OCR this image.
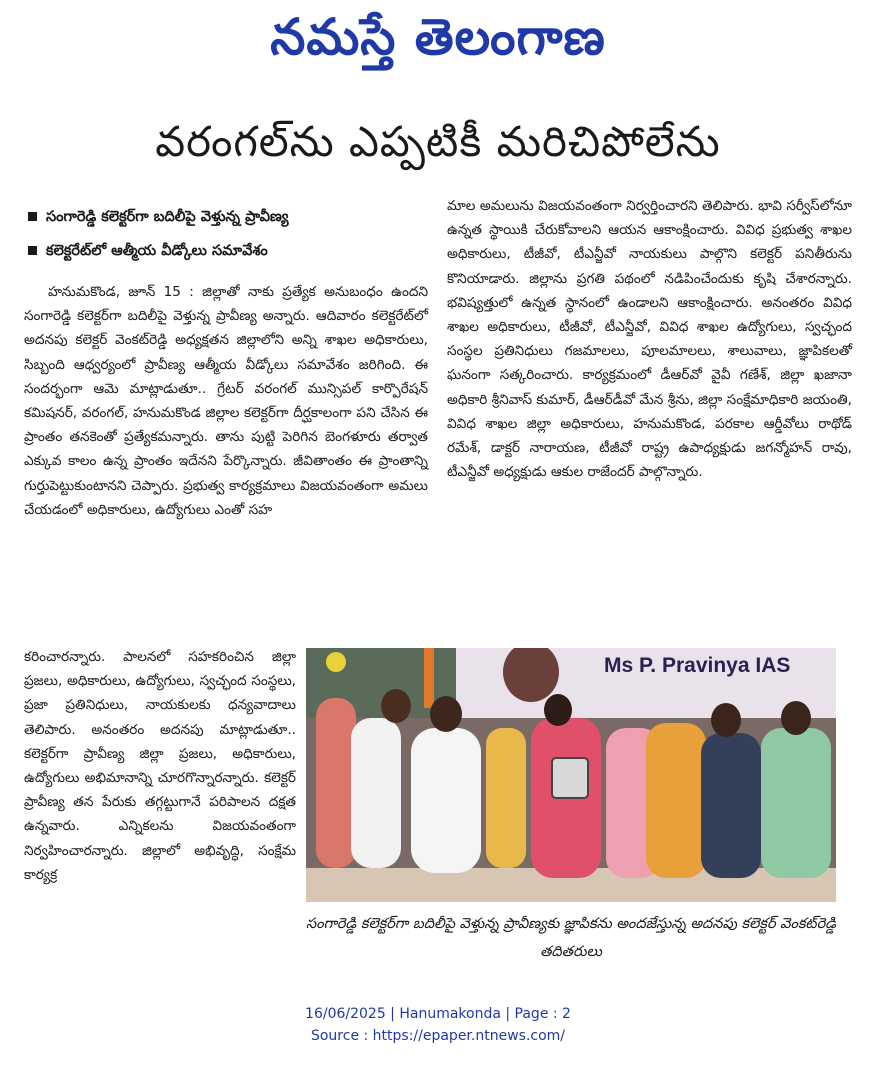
నమస్తే తెలంగాణ
వరంగల్‌ను ఎప్పటికీ మరిచిపోలేను
సంగారెడ్డి కలెక్టర్‌గా బదిలీపై వెళ్తున్న ప్రావీణ్య
కలెక్టరేట్‌లో ఆత్మీయ వీడ్కోలు సమావేశం
హనుమకొండ, జూన్ 15 : జిల్లాతో నాకు ప్రత్యేక అనుబంధం ఉందని సంగారెడ్డి కలెక్టర్‌గా బదిలీపై వెళ్తున్న ప్రావీణ్య అన్నారు. ఆదివారం కలెక్టరేట్‌లో అదనపు కలెక్టర్ వెంకట్‌రెడ్డి అధ్యక్షతన జిల్లాలోని అన్ని శాఖల అధికారులు, సిబ్బంది ఆధ్వర్యంలో ప్రావీణ్య ఆత్మీయ వీడ్కోలు సమావేశం జరిగింది. ఈ సందర్భంగా ఆమె మాట్లాడుతూ.. గ్రేటర్ వరంగల్ మున్సిపల్ కార్పొరేషన్ కమిషనర్, వరంగల్, హనుమకొండ జిల్లాల కలెక్టర్‌గా దీర్ఘకాలంగా పని చేసిన ఈ ప్రాంతం తనకెంతో ప్రత్యేకమన్నారు. తాను పుట్టి పెరిగిన బెంగళూరు తర్వాత ఎక్కువ కాలం ఉన్న ప్రాంతం ఇదేనని పేర్కొన్నారు. జీవితాంతం ఈ ప్రాంతాన్ని గుర్తుపెట్టుకుంటానని చెప్పారు. ప్రభుత్వ కార్యక్రమాలు విజయవంతంగా అమలు చేయడంలో అధికారులు, ఉద్యోగులు ఎంతో సహ
కరించారన్నారు. పాలనలో సహకరించిన జిల్లా ప్రజలు, అధికారులు, ఉద్యోగులు, స్వచ్ఛంద సంస్థలు, ప్రజా ప్రతినిధులు, నాయకులకు ధన్యవాదాలు తెలిపారు. అనంతరం అదనపు మాట్లాడుతూ.. కలెక్టర్‌గా ప్రావీణ్య జిల్లా ప్రజలు, అధికారులు, ఉద్యోగులు అభిమానాన్ని చూరగొన్నారన్నారు. కలెక్టర్ ప్రావీణ్య తన పేరుకు తగ్గట్టుగానే పరిపాలన దక్షత ఉన్నవారు. ఎన్నికలను విజయవంతంగా నిర్వహించారన్నారు. జిల్లాలో అభివృద్ధి, సంక్షేమ కార్యక్ర
మాల అమలును విజయవంతంగా నిర్వర్తించారని తెలిపారు. భావి సర్వీస్‌లోనూ ఉన్నత స్థాయికి చేరుకోవాలని ఆయన ఆకాంక్షించారు. వివిధ ప్రభుత్వ శాఖల అధికారులు, టీజీవో, టీఎన్జీవో నాయకులు పాల్గొని కలెక్టర్ పనితీరును కొనియాడారు. జిల్లాను ప్రగతి పథంలో నడిపించేందుకు కృషి చేశారన్నారు. భవిష్యత్తులో ఉన్నత స్థానంలో ఉండాలని ఆకాంక్షించారు. అనంతరం వివిధ శాఖల అధికారులు, టీజీవో, టీఎన్జీవో, వివిధ శాఖల ఉద్యోగులు, స్వచ్ఛంద సంస్థల ప్రతినిధులు గజమాలలు, పూలమాలలు, శాలువాలు, జ్ఞాపికలతో ఘనంగా సత్కరించారు. కార్యక్రమంలో డీఆర్‌వో వైవీ గణేశ్, జిల్లా ఖజానా అధికారి శ్రీనివాస్ కుమార్, డీఆర్‌డీవో మేన శ్రీను, జిల్లా సంక్షేమాధికారి జయంతి, వివిధ శాఖల జిల్లా అధికారులు, హనుమకొండ, పరకాల ఆర్డీవోలు రాథోడ్ రమేశ్, డాక్టర్ నారాయణ, టీజీవో రాష్ట్ర ఉపాధ్యక్షుడు జగన్మోహన్ రావు, టీఎన్జీవో అధ్యక్షుడు ఆకుల రాజేందర్ పాల్గొన్నారు.
Ms P. Pravinya IAS
సంగారెడ్డి కలెక్టర్‌గా బదిలీపై వెళ్తున్న ప్రావీణ్యకు జ్ఞాపికను అందజేస్తున్న అదనపు కలెక్టర్ వెంకట్‌రెడ్డి తదితరులు
16/06/2025 | Hanumakonda | Page : 2
Source : https://epaper.ntnews.com/
